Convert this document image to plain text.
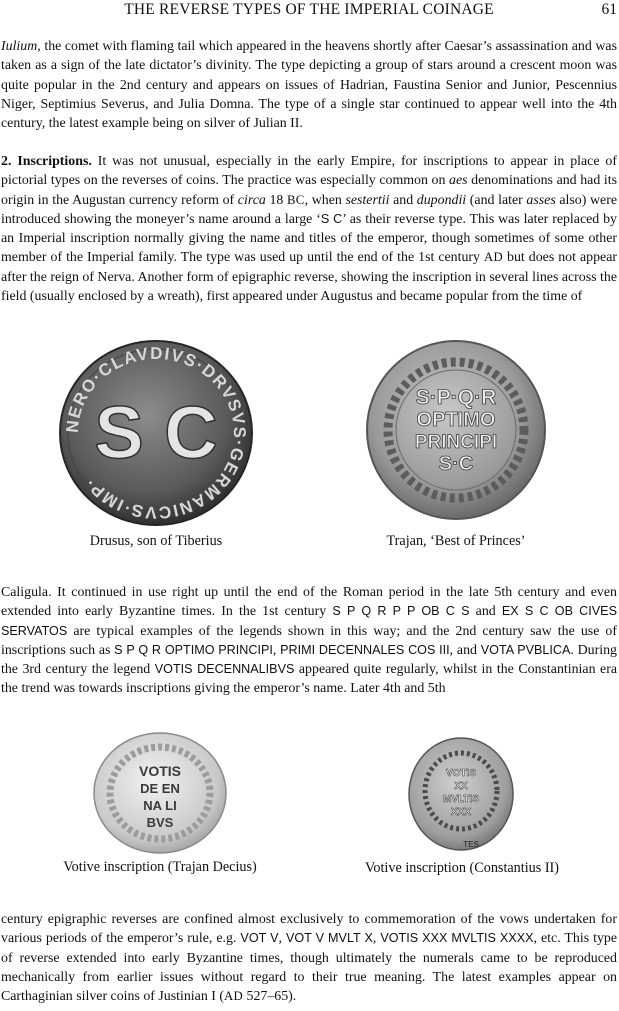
THE REVERSE TYPES OF THE IMPERIAL COINAGE	61

Iulium, the comet with flaming tail which appeared in the heavens shortly after Caesar’s assassination and was taken as a sign of the late dictator’s divinity. The type depicting a group of stars around a crescent moon was quite popular in the 2nd century and appears on issues of Hadrian, Faustina Senior and Junior, Pescennius Niger, Septimius Severus, and Julia Domna. The type of a single star continued to appear well into the 4th century, the latest example being on silver of Julian II.

2. Inscriptions. It was not unusual, especially in the early Empire, for inscriptions to appear in place of pictorial types on the reverses of coins. The practice was especially common on aes denominations and had its origin in the Augustan currency reform of circa 18 BC, when sestertii and dupondii (and later asses also) were introduced showing the moneyer’s name around a large ‘S C’ as their reverse type. This was later replaced by an Imperial inscription normally giving the name and titles of the emperor, though sometimes of some other member of the Imperial family. The type was used up until the end of the 1st century AD but does not appear after the reign of Nerva. Another form of epigraphic reverse, showing the inscription in several lines across the field (usually enclosed by a wreath), first appeared under Augustus and became popular from the time of

NERO·CLAVDIVS·DRVSVS·GERMANICVS·IMP·
S C	S·P·Q·R
OPTIMO
PRINCIPI
S·C
Drusus, son of Tiberius	Trajan, ‘Best of Princes’

Caligula. It continued in use right up until the end of the Roman period in the late 5th century and even extended into early Byzantine times. In the 1st century S P Q R P P OB C S and EX S C OB CIVES SERVATOS are typical examples of the legends shown in this way; and the 2nd century saw the use of inscriptions such as S P Q R OPTIMO PRINCIPI, PRIMI DECENNALES COS III, and VOTA PVBLICA. During the 3rd century the legend VOTIS DECENNALIBVS appeared quite regularly, whilst in the Constantinian era the trend was towards inscriptions giving the emperor’s name. Later 4th and 5th

VOTIS
DE EN
NA LI
BVS
VOTIS
XX
MVLTIS
XXX
TES
Votive inscription (Trajan Decius)	Votive inscription (Constantius II)

century epigraphic reverses are confined almost exclusively to commemoration of the vows undertaken for various periods of the emperor’s rule, e.g. VOT V, VOT V MVLT X, VOTIS XXX MVLTIS XXXX, etc. This type of reverse extended into early Byzantine times, though ultimately the numerals came to be reproduced mechanically from earlier issues without regard to their true meaning. The latest examples appear on Carthaginian silver coins of Justinian I (AD 527–65).
